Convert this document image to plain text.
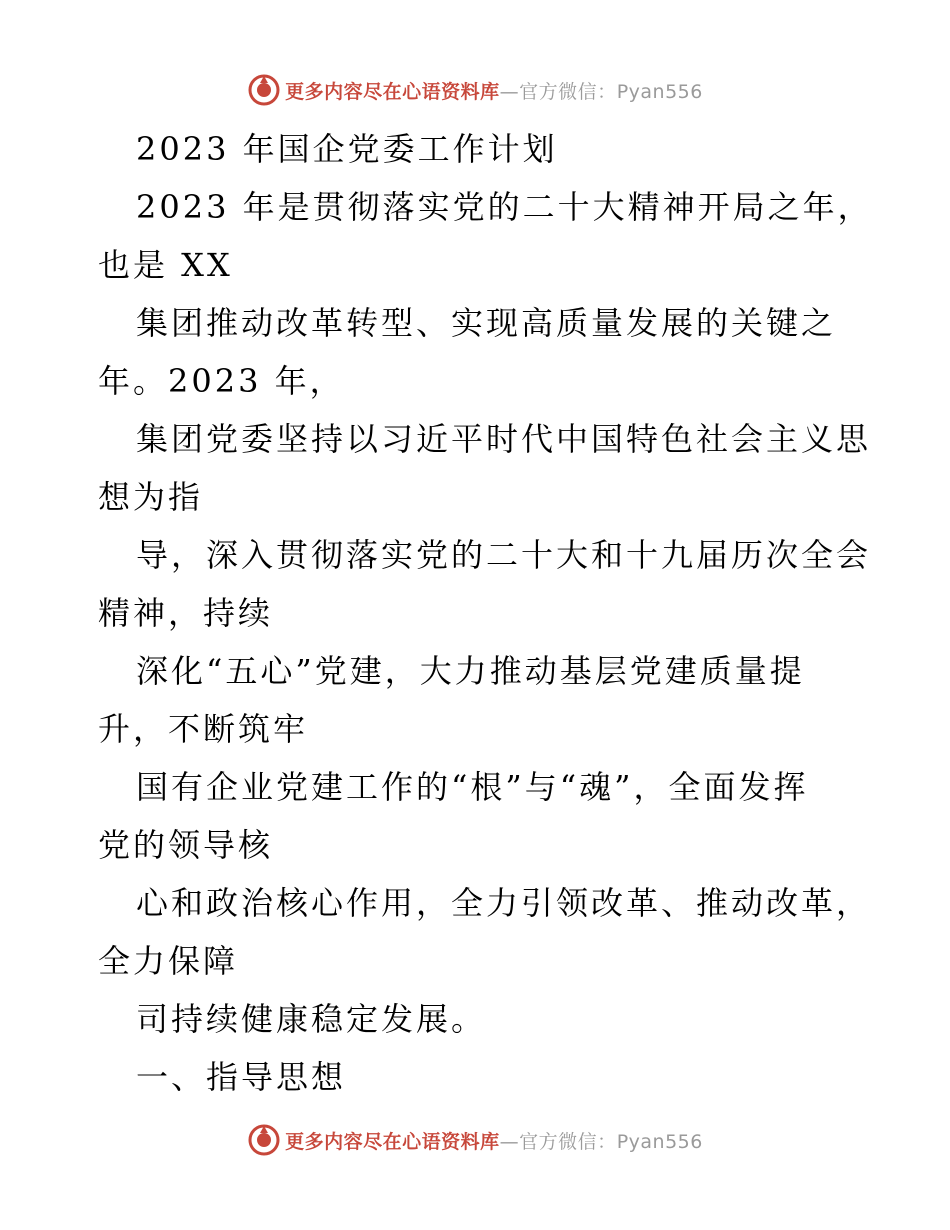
更多内容尽在心语资料库—官方微信：Pyan556
2023 年国企党委工作计划
2023 年是贯彻落实党的二十大精神开局之年，
也是 XX
集团推动改革转型、实现高质量发展的关键之
年。2023 年，
集团党委坚持以习近平时代中国特色社会主义思
想为指
导，深入贯彻落实党的二十大和十九届历次全会
精神，持续
深化“五心”党建，大力推动基层党建质量提
升，不断筑牢
国有企业党建工作的“根”与“魂”，全面发挥
党的领导核
心和政治核心作用，全力引领改革、推动改革，
全力保障
司持续健康稳定发展。
一、指导思想
更多内容尽在心语资料库—官方微信：Pyan556
